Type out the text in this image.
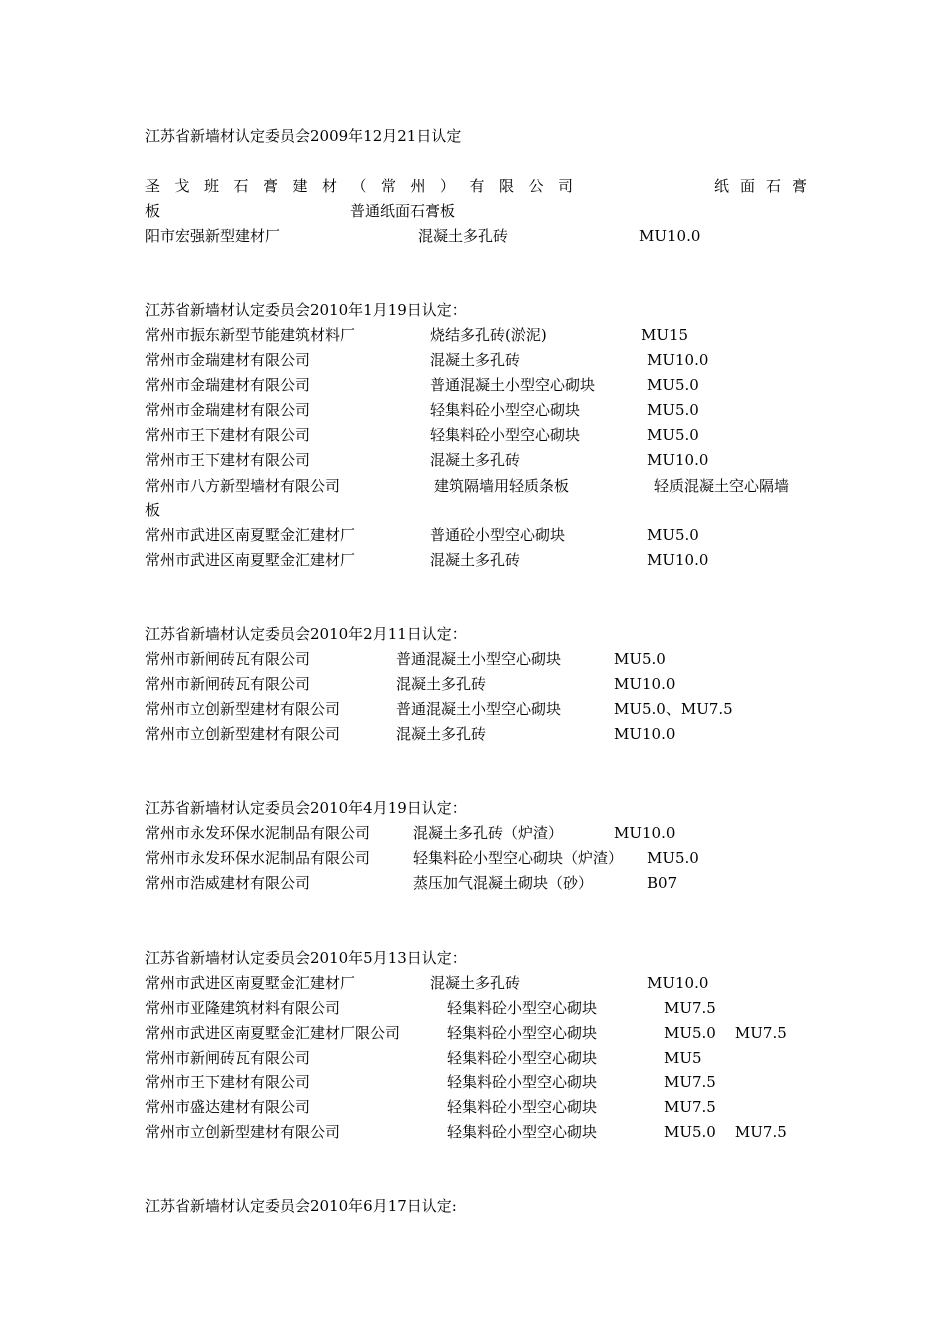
江苏省新墙材认定委员会2009年12月21日认定
圣戈班石膏建材（常州）有限公司	纸面石膏
板	普通纸面石膏板
阳市宏强新型建材厂	混凝土多孔砖	MU10.0
江苏省新墙材认定委员会2010年1月19日认定：
常州市振东新型节能建筑材料厂	烧结多孔砖(淤泥)	MU15
常州市金瑞建材有限公司	混凝土多孔砖	MU10.0
常州市金瑞建材有限公司	普通混凝土小型空心砌块	MU5.0
常州市金瑞建材有限公司	轻集料砼小型空心砌块	MU5.0
常州市王下建材有限公司	轻集料砼小型空心砌块	MU5.0
常州市王下建材有限公司	混凝土多孔砖	MU10.0
常州市八方新型墙材有限公司	建筑隔墙用轻质条板	轻质混凝土空心隔墙
板
常州市武进区南夏墅金汇建材厂	普通砼小型空心砌块	MU5.0
常州市武进区南夏墅金汇建材厂	混凝土多孔砖	MU10.0
江苏省新墙材认定委员会2010年2月11日认定：
常州市新闸砖瓦有限公司	普通混凝土小型空心砌块	MU5.0
常州市新闸砖瓦有限公司	混凝土多孔砖	MU10.0
常州市立创新型建材有限公司	普通混凝土小型空心砌块	MU5.0、MU7.5
常州市立创新型建材有限公司	混凝土多孔砖	MU10.0
江苏省新墙材认定委员会2010年4月19日认定：
常州市永发环保水泥制品有限公司	混凝土多孔砖（炉渣）	MU10.0
常州市永发环保水泥制品有限公司	轻集料砼小型空心砌块（炉渣） MU5.0
常州市浩威建材有限公司	蒸压加气混凝土砌块（砂）	B07
江苏省新墙材认定委员会2010年5月13日认定：
常州市武进区南夏墅金汇建材厂	混凝土多孔砖	MU10.0
常州市亚隆建筑材料有限公司	轻集料砼小型空心砌块	MU7.5
常州市武进区南夏墅金汇建材厂限公司	轻集料砼小型空心砌块	MU5.0    MU7.5
常州市新闸砖瓦有限公司	轻集料砼小型空心砌块	MU5
常州市王下建材有限公司	轻集料砼小型空心砌块	MU7.5
常州市盛达建材有限公司	轻集料砼小型空心砌块	MU7.5
常州市立创新型建材有限公司	轻集料砼小型空心砌块	MU5.0    MU7.5
江苏省新墙材认定委员会2010年6月17日认定:
